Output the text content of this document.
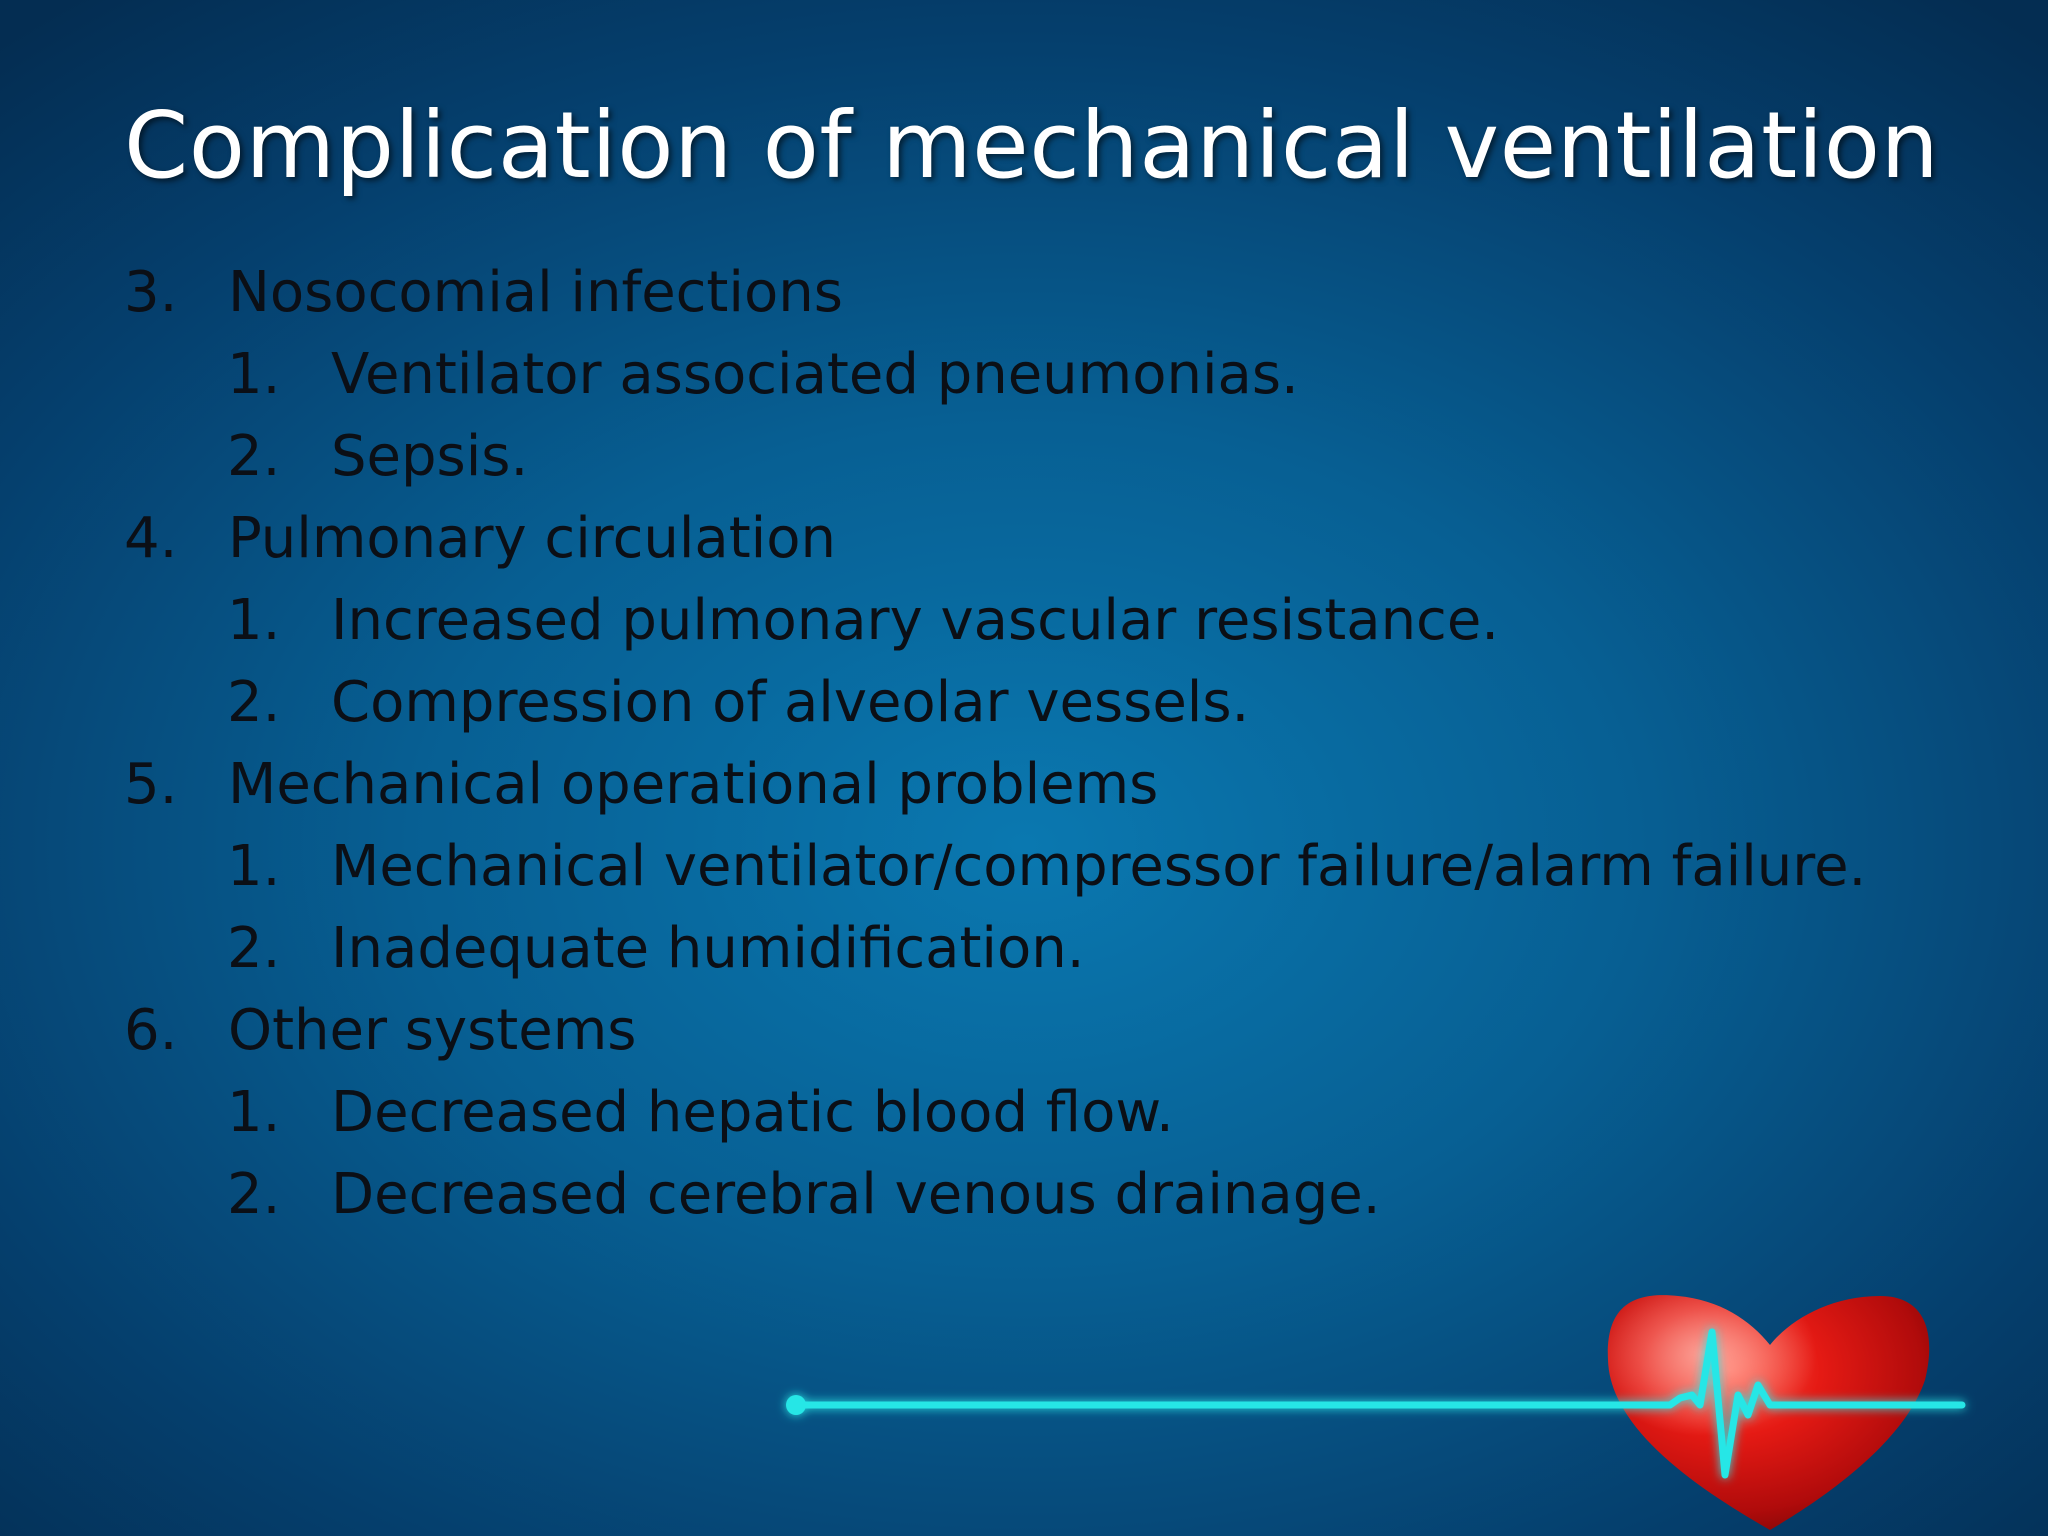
Complication of mechanical ventilation
3. Nosocomial infections
1. Ventilator associated pneumonias.
2. Sepsis.
4. Pulmonary circulation
1. Increased pulmonary vascular resistance.
2. Compression of alveolar vessels.
5. Mechanical operational problems
1. Mechanical ventilator/compressor failure/alarm failure.
2. Inadequate humidification.
6. Other systems
1. Decreased hepatic blood flow.
2. Decreased cerebral venous drainage.
